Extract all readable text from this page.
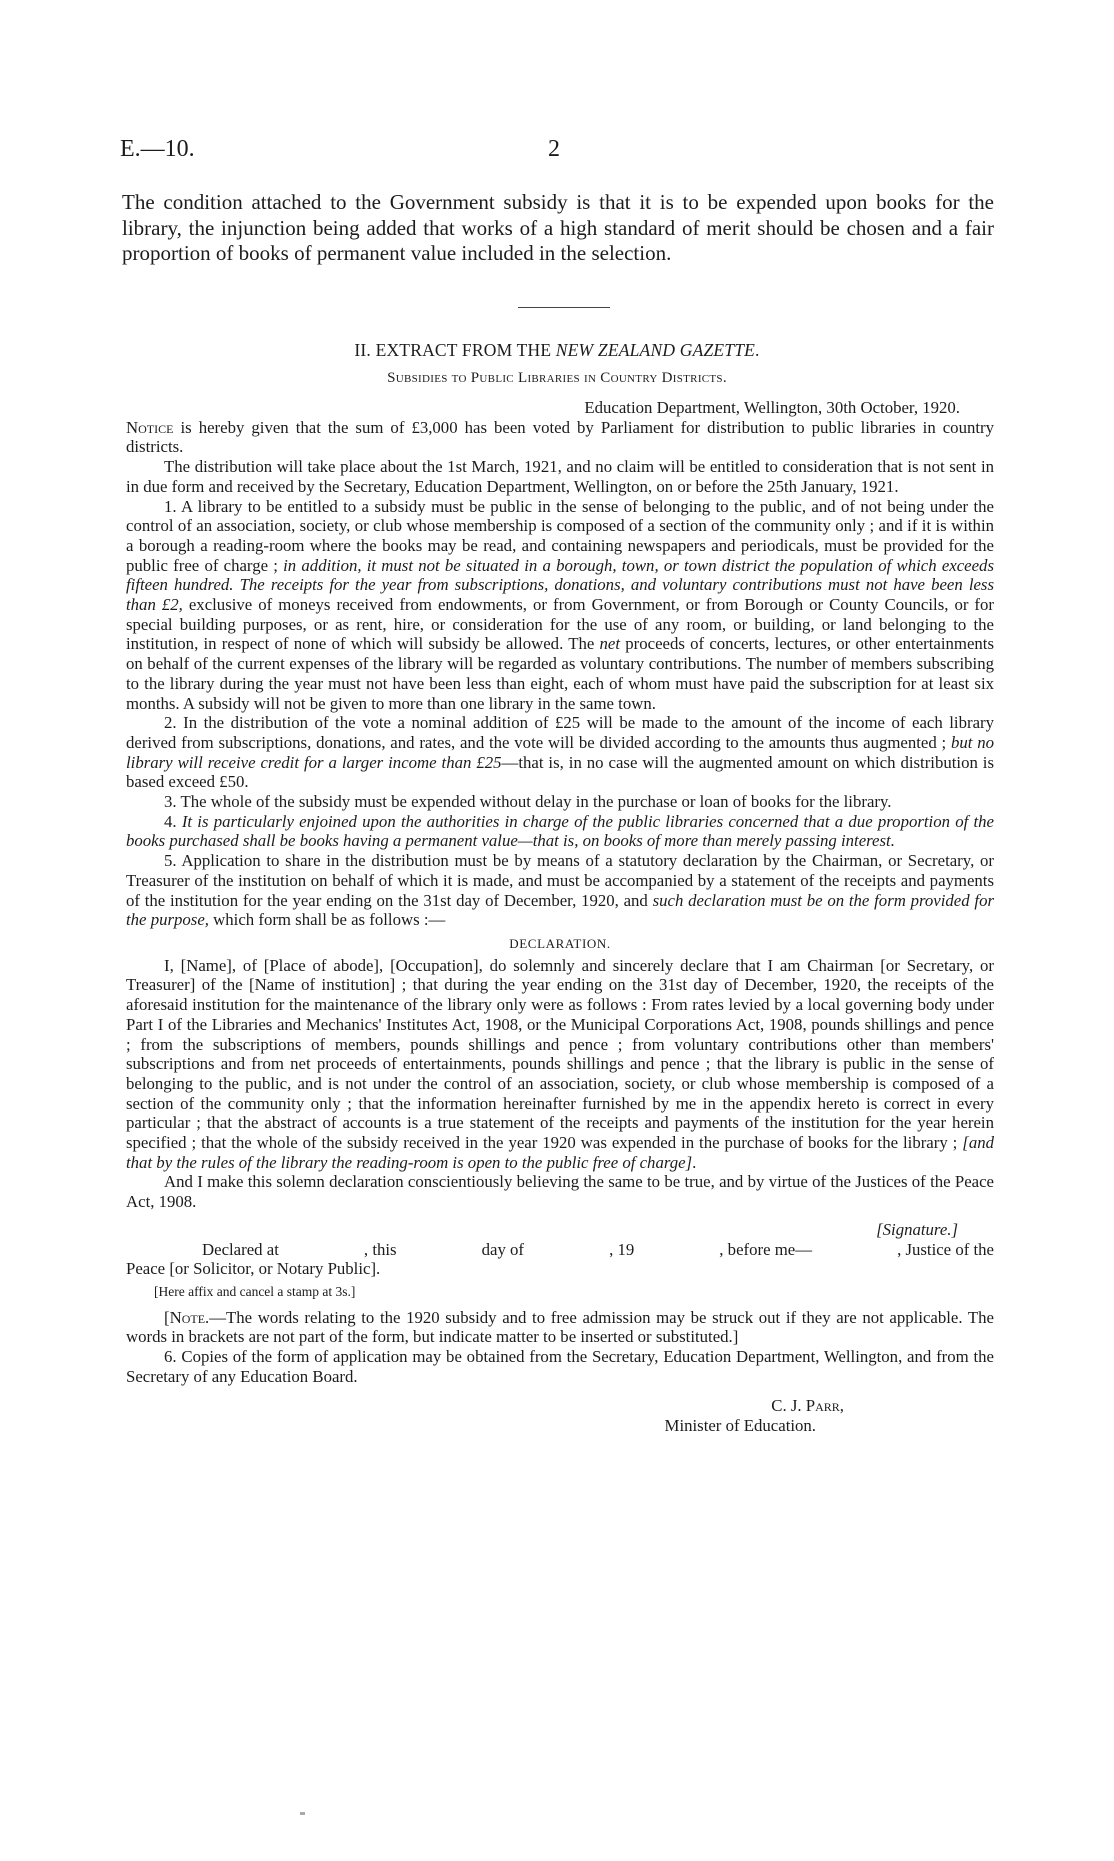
E.—10.	2
The condition attached to the Government subsidy is that it is to be expended upon books for the library, the injunction being added that works of a high standard of merit should be chosen and a fair proportion of books of permanent value included in the selection.
II. EXTRACT FROM THE NEW ZEALAND GAZETTE.
Subsidies to Public Libraries in Country Districts.

Education Department, Wellington, 30th October, 1920.

Notice is hereby given that the sum of £3,000 has been voted by Parliament for distribution to public libraries in country districts.

The distribution will take place about the 1st March, 1921, and no claim will be entitled to consideration that is not sent in in due form and received by the Secretary, Education Department, Wellington, on or before the 25th January, 1921.

1. A library to be entitled to a subsidy must be public in the sense of belonging to the public, and of not being under the control of an association, society, or club whose membership is composed of a section of the community only ; and if it is within a borough a reading-room where the books may be read, and containing newspapers and periodicals, must be provided for the public free of charge ; in addition, it must not be situated in a borough, town, or town district the population of which exceeds fifteen hundred. The receipts for the year from subscriptions, donations, and voluntary contributions must not have been less than £2, exclusive of moneys received from endowments, or from Government, or from Borough or County Councils, or for special building purposes, or as rent, hire, or consideration for the use of any room, or building, or land belonging to the institution, in respect of none of which will subsidy be allowed. The net proceeds of concerts, lectures, or other entertainments on behalf of the current expenses of the library will be regarded as voluntary contributions. The number of members subscribing to the library during the year must not have been less than eight, each of whom must have paid the subscription for at least six months. A subsidy will not be given to more than one library in the same town.

2. In the distribution of the vote a nominal addition of £25 will be made to the amount of the income of each library derived from subscriptions, donations, and rates, and the vote will be divided according to the amounts thus augmented ; but no library will receive credit for a larger income than £25—that is, in no case will the augmented amount on which distribution is based exceed £50.

3. The whole of the subsidy must be expended without delay in the purchase or loan of books for the library.

4. It is particularly enjoined upon the authorities in charge of the public libraries concerned that a due proportion of the books purchased shall be books having a permanent value—that is, on books of more than merely passing interest.

5. Application to share in the distribution must be by means of a statutory declaration by the Chairman, or Secretary, or Treasurer of the institution on behalf of which it is made, and must be accompanied by a statement of the receipts and payments of the institution for the year ending on the 31st day of December, 1920, and such declaration must be on the form provided for the purpose, which form shall be as follows :—

DECLARATION.

I, [Name], of [Place of abode], [Occupation], do solemnly and sincerely declare that I am Chairman [or Secretary, or Treasurer] of the [Name of institution] ; that during the year ending on the 31st day of December, 1920, the receipts of the aforesaid institution for the maintenance of the library only were as follows : From rates levied by a local governing body under Part I of the Libraries and Mechanics' Institutes Act, 1908, or the Municipal Corporations Act, 1908, pounds shillings and pence ; from the subscriptions of members, pounds shillings and pence ; from voluntary contributions other than members' subscriptions and from net proceeds of entertainments, pounds shillings and pence ; that the library is public in the sense of belonging to the public, and is not under the control of an association, society, or club whose membership is composed of a section of the community only ; that the information hereinafter furnished by me in the appendix hereto is correct in every particular ; that the abstract of accounts is a true statement of the receipts and payments of the institution for the year herein specified ; that the whole of the subsidy received in the year 1920 was expended in the purchase of books for the library ; [and that by the rules of the library the reading-room is open to the public free of charge].

And I make this solemn declaration conscientiously believing the same to be true, and by virtue of the Justices of the Peace Act, 1908.

[Signature.]

Declared at	, this	day of	, 19	, before me—	, Justice of the

Peace [or Solicitor, or Notary Public].

[Here affix and cancel a stamp at 3s.]

[Note.—The words relating to the 1920 subsidy and to free admission may be struck out if they are not applicable. The words in brackets are not part of the form, but indicate matter to be inserted or substituted.]

6. Copies of the form of application may be obtained from the Secretary, Education Department, Wellington, and from the Secretary of any Education Board.

C. J. Parr,

Minister of Education.
